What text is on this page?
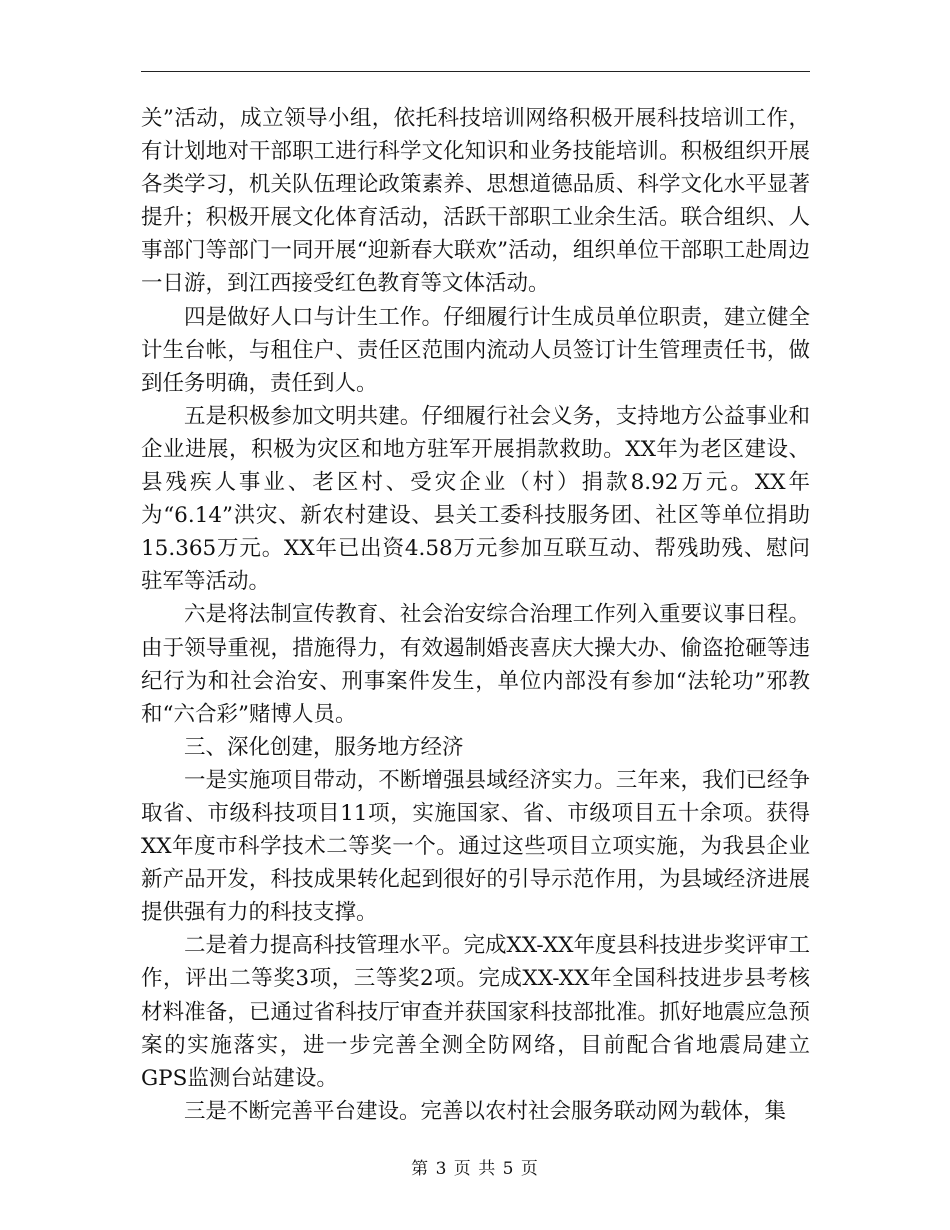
关”活动，成立领导小组，依托科技培训网络积极开展科技培训工作，有计划地对干部职工进行科学文化知识和业务技能培训。积极组织开展各类学习，机关队伍理论政策素养、思想道德品质、科学文化水平显著提升；积极开展文化体育活动，活跃干部职工业余生活。联合组织、人事部门等部门一同开展“迎新春大联欢”活动，组织单位干部职工赴周边一日游，到江西接受红色教育等文体活动。

四是做好人口与计生工作。仔细履行计生成员单位职责，建立健全计生台帐，与租住户、责任区范围内流动人员签订计生管理责任书，做到任务明确，责任到人。

五是积极参加文明共建。仔细履行社会义务，支持地方公益事业和企业进展，积极为灾区和地方驻军开展捐款救助。XX年为老区建设、县残疾人事业、老区村、受灾企业（村）捐款8.92万元。XX年为“6.14”洪灾、新农村建设、县关工委科技服务团、社区等单位捐助15.365万元。XX年已出资4.58万元参加互联互动、帮残助残、慰问驻军等活动。

六是将法制宣传教育、社会治安综合治理工作列入重要议事日程。由于领导重视，措施得力，有效遏制婚丧喜庆大操大办、偷盗抢砸等违纪行为和社会治安、刑事案件发生，单位内部没有参加“法轮功”邪教和“六合彩”赌博人员。

三、深化创建，服务地方经济

一是实施项目带动，不断增强县域经济实力。三年来，我们已经争取省、市级科技项目11项，实施国家、省、市级项目五十余项。获得XX年度市科学技术二等奖一个。通过这些项目立项实施，为我县企业新产品开发，科技成果转化起到很好的引导示范作用，为县域经济进展提供强有力的科技支撑。

二是着力提高科技管理水平。完成XX-XX年度县科技进步奖评审工作，评出二等奖3项，三等奖2项。完成XX-XX年全国科技进步县考核材料准备，已通过省科技厅审查并获国家科技部批准。抓好地震应急预案的实施落实，进一步完善全测全防网络，目前配合省地震局建立GPS监测台站建设。

三是不断完善平台建设。完善以农村社会服务联动网为载体，集

第 3 页 共 5 页
